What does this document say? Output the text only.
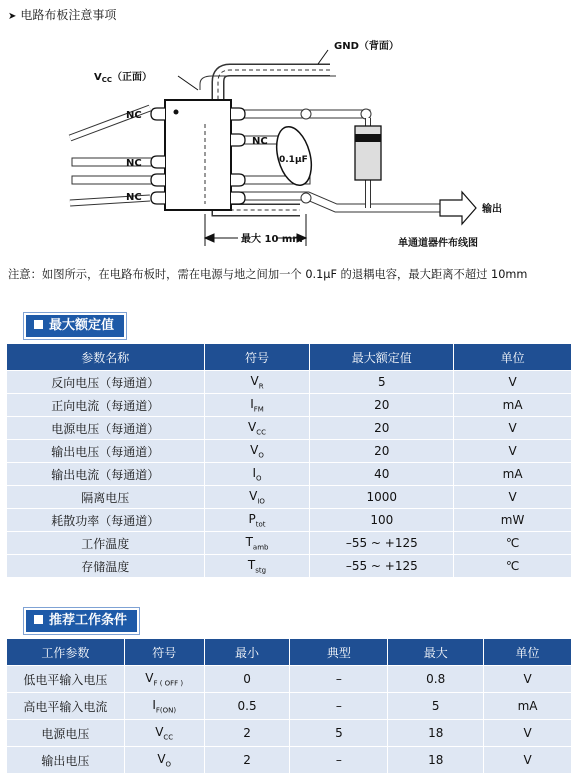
➤ 电路布板注意事项
GND（背面）
$V_{CC}$（正面）
NC
NC
NC
NC
0.1μF
输出
最大 10 mm	单通道器件布线图
注意：如图所示，在电路布板时，需在电源与地之间加一个 0.1μF 的退耦电容，最大距离不超过 10mm
最大额定值
参数名称	符号	最大额定值	单位
反向电压（每通道）	$V_R$	5	V
正向电流（每通道）	$I_{FM}$	20	mA
电源电压（每通道）	$V_{CC}$	20	V
输出电压（每通道）	$V_O$	20	V
输出电流（每通道）	$I_O$	40	mA
隔离电压	$V_{IO}$	1000	V
耗散功率（每通道）	$P_{tot}$	100	mW
工作温度	$T_{amb}$	–55 ~ +125	℃
存储温度	$T_{stg}$	–55 ~ +125	℃
推荐工作条件
工作参数	符号	最小	典型	最大	单位
低电平输入电压	$V_{F ( OFF )}$	0	–	0.8	V
高电平输入电流	$I_{F(ON)}$	0.5	–	5	mA
电源电压	$V_{CC}$	2	5	18	V
输出电压	$V_O$	2	–	18	V
